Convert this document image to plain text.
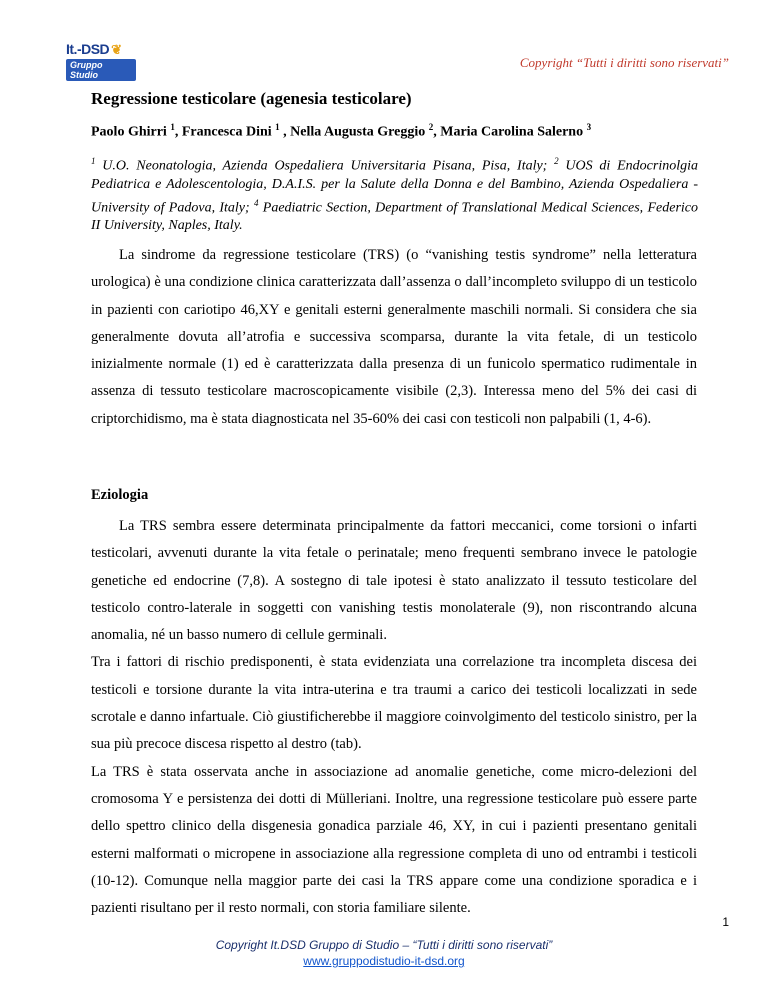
It.-DSD ❦
Gruppo Studio
Copyright “Tutti i diritti sono riservati”
Regressione testicolare (agenesia testicolare)
Paolo Ghirri $^1$, Francesca Dini $^1$ , Nella Augusta Greggio $^2$, Maria Carolina Salerno $^3$
$^1$ U.O. Neonatologia, Azienda Ospedaliera Universitaria Pisana, Pisa, Italy; $^2$ UOS di Endocrinolgia Pediatrica e Adolescentologia, D.A.I.S. per la Salute della Donna e del Bambino, Azienda Ospedaliera - University of Padova, Italy; $^4$ Paediatric Section, Department of Translational Medical Sciences, Federico II University, Naples, Italy.
La sindrome da regressione testicolare (TRS) (o “vanishing testis syndrome” nella letteratura urologica) è una condizione clinica caratterizzata dall’assenza o dall’incompleto sviluppo di un testicolo in pazienti con cariotipo 46,XY e genitali esterni generalmente maschili normali. Si considera che sia generalmente dovuta all’atrofia e successiva scomparsa, durante la vita fetale, di un testicolo inizialmente normale (1) ed è caratterizzata dalla presenza di un funicolo spermatico rudimentale in assenza di tessuto testicolare macroscopicamente visibile (2,3). Interessa meno del 5% dei casi di criptorchidismo, ma è stata diagnosticata nel 35-60% dei casi con testicoli non palpabili (1, 4-6).
Eziologia
La TRS sembra essere determinata principalmente da fattori meccanici, come torsioni o infarti testicolari, avvenuti durante la vita fetale o perinatale; meno frequenti sembrano invece le patologie genetiche ed endocrine (7,8). A sostegno di tale ipotesi è stato analizzato il tessuto testicolare del testicolo contro-laterale in soggetti con vanishing testis monolaterale (9), non riscontrando alcuna anomalia, né un basso numero di cellule germinali.
Tra i fattori di rischio predisponenti, è stata evidenziata una correlazione tra incompleta discesa dei testicoli e torsione durante la vita intra-uterina e tra traumi a carico dei testicoli localizzati in sede scrotale e danno infartuale. Ciò giustificherebbe il maggiore coinvolgimento del testicolo sinistro, per la sua più precoce discesa rispetto al destro (tab).
La TRS è stata osservata anche in associazione ad anomalie genetiche, come micro-delezioni del cromosoma Y e persistenza dei dotti di Mülleriani. Inoltre, una regressione testicolare può essere parte dello spettro clinico della disgenesia gonadica parziale 46, XY, in cui i pazienti presentano genitali esterni malformati o micropene in associazione alla regressione completa di uno od entrambi i testicoli (10-12). Comunque nella maggior parte dei casi la TRS appare come una condizione sporadica e i pazienti risultano per il resto normali, con storia familiare silente.
1
Copyright It.DSD Gruppo di Studio – “Tutti i diritti sono riservati”
www.gruppodistudio-it-dsd.org
